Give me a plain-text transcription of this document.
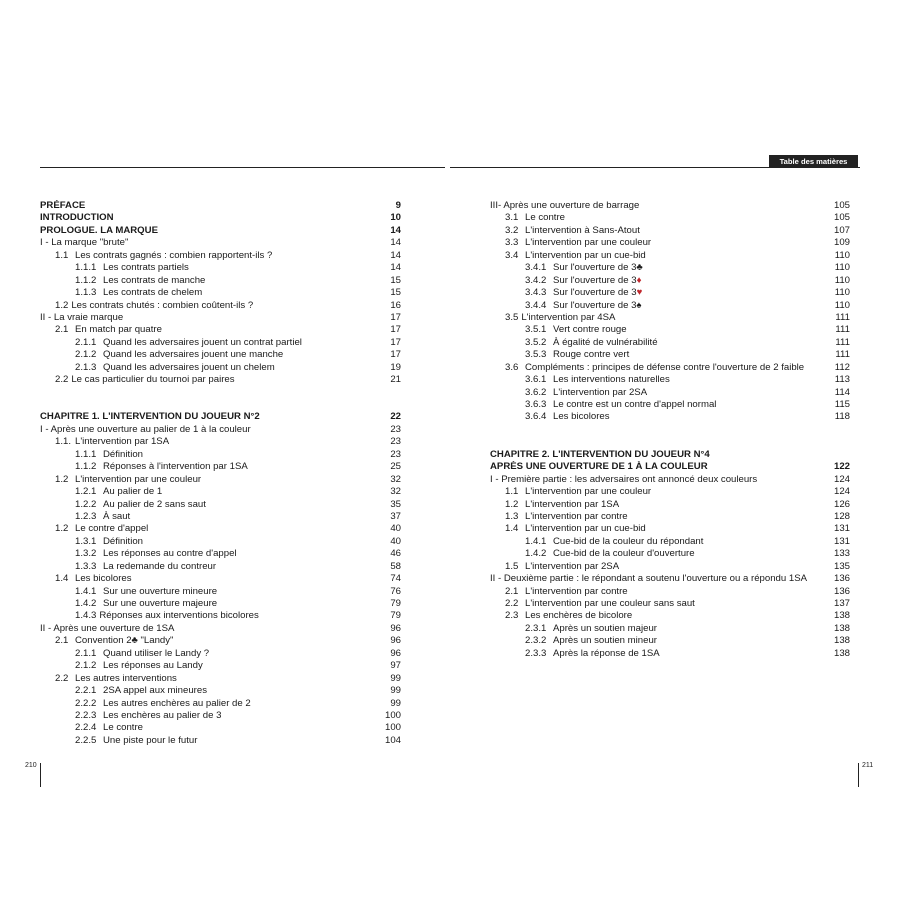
Table des matières
PRÉFACE	9
INTRODUCTION	10
PROLOGUE. LA MARQUE	14
I - La marque "brute"	14
1.1 Les contrats gagnés : combien rapportent-ils ?	14
1.1.1 Les contrats partiels	14
1.1.2 Les contrats de manche	15
1.1.3 Les contrats de chelem	15
1.2 Les contrats chutés : combien coûtent-ils ?	16
II - La vraie marque	17
2.1 En match par quatre	17
2.1.1 Quand les adversaires jouent un contrat partiel	17
2.1.2 Quand les adversaires jouent une manche	17
2.1.3 Quand les adversaires jouent un chelem	19
2.2 Le cas particulier du tournoi par paires	21
CHAPITRE 1. L'INTERVENTION DU JOUEUR N°2	22
I - Après une ouverture au palier de 1 à la couleur	23
1.1. L'intervention par 1SA	23
1.1.1 Définition	23
1.1.2 Réponses à l'intervention par 1SA	25
1.2 L'intervention par une couleur	32
1.2.1 Au palier de 1	32
1.2.2 Au palier de 2 sans saut	35
1.2.3 À saut	37
1.2 Le contre d'appel	40
1.3.1 Définition	40
1.3.2 Les réponses au contre d'appel	46
1.3.3 La redemande du contreur	58
1.4 Les bicolores	74
1.4.1 Sur une ouverture mineure	76
1.4.2 Sur une ouverture majeure	79
1.4.3 Réponses aux interventions bicolores	79
II - Après une ouverture de 1SA	96
2.1 Convention 2♣ "Landy"	96
2.1.1 Quand utiliser le Landy ?	96
2.1.2 Les réponses au Landy	97
2.2 Les autres interventions	99
2.2.1 2SA appel aux mineures	99
2.2.2 Les autres enchères au palier de 2	99
2.2.3 Les enchères au palier de 3	100
2.2.4 Le contre	100
2.2.5 Une piste pour le futur	104
III- Après une ouverture de barrage	105
3.1 Le contre	105
3.2 L'intervention à Sans-Atout	107
3.3 L'intervention par une couleur	109
3.4 L'intervention par un cue-bid	110
3.4.1 Sur l'ouverture de 3♣	110
3.4.2 Sur l'ouverture de 3♦	110
3.4.3 Sur l'ouverture de 3♥	110
3.4.4 Sur l'ouverture de 3♠	110
3.5 L'intervention par 4SA	111
3.5.1 Vert contre rouge	111
3.5.2 À égalité de vulnérabilité	111
3.5.3 Rouge contre vert	111
3.6 Compléments : principes de défense contre l'ouverture de 2 faible	112
3.6.1 Les interventions naturelles	113
3.6.2 L'intervention par 2SA	114
3.6.3 Le contre est un contre d'appel normal	115
3.6.4 Les bicolores	118
CHAPITRE 2. L'INTERVENTION DU JOUEUR N°4
APRÈS UNE OUVERTURE DE 1 À LA COULEUR	122
I - Première partie : les adversaires ont annoncé deux couleurs	124
1.1 L'intervention par une couleur	124
1.2 L'intervention par 1SA	126
1.3 L'intervention par contre	128
1.4 L'intervention par un cue-bid	131
1.4.1 Cue-bid de la couleur du répondant	131
1.4.2 Cue-bid de la couleur d'ouverture	133
1.5 L'intervention par 2SA	135
II - Deuxième partie : le répondant a soutenu l'ouverture ou a répondu 1SA	136
2.1 L'intervention par contre	136
2.2 L'intervention par une couleur sans saut	137
2.3 Les enchères de bicolore	138
2.3.1 Après un soutien majeur	138
2.3.2 Après un soutien mineur	138
2.3.3 Après la réponse de 1SA	138
210	211
